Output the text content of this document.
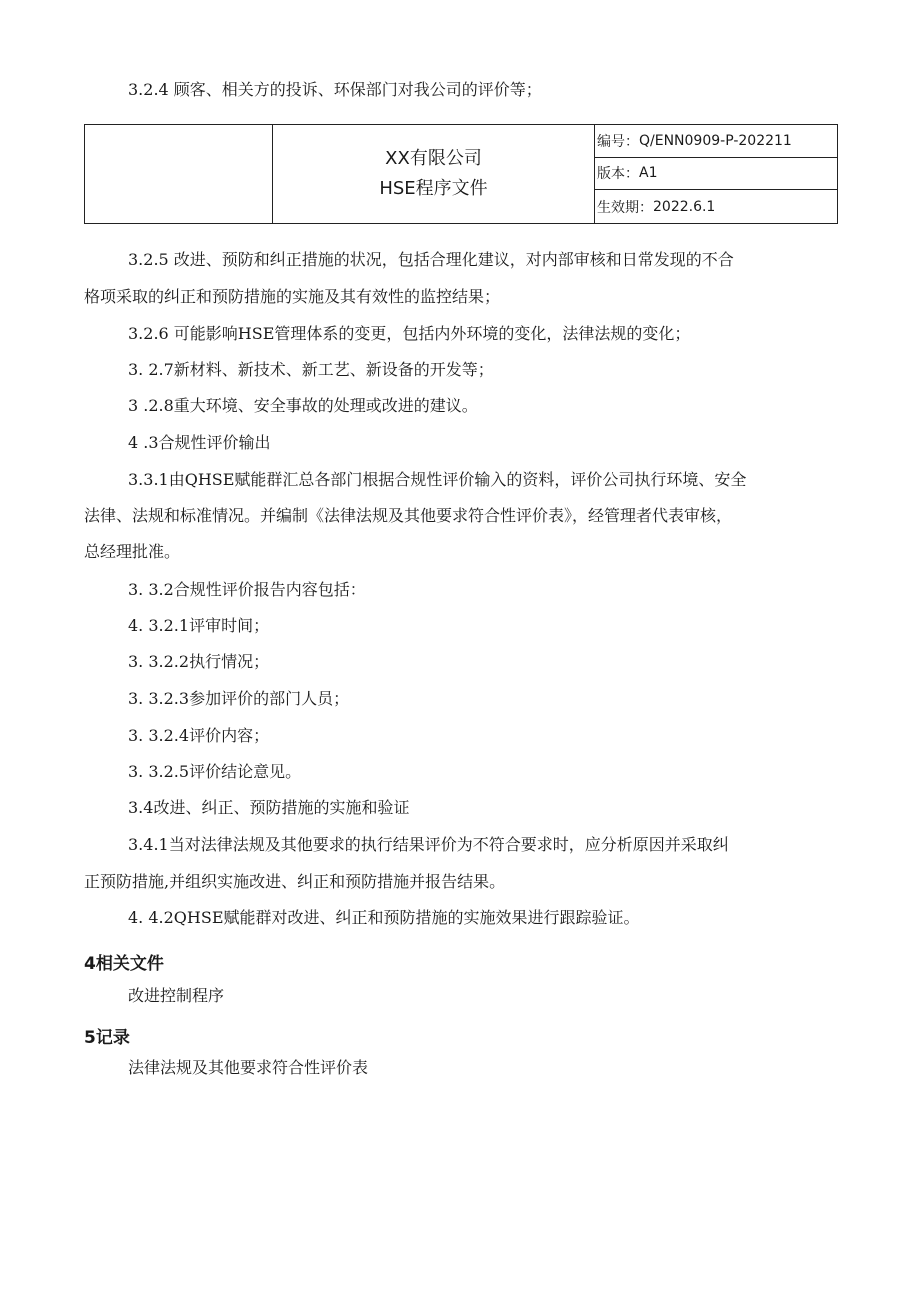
3.2.4 顾客、相关方的投诉、环保部门对我公司的评价等；
XX有限公司
HSE程序文件
编号： Q/ENN0909-P-202211
版本： A1
生效期： 2022.6.1
3.2.5 改进、预防和纠正措施的状况，包括合理化建议，对内部审核和日常发现的不合
格项采取的纠正和预防措施的实施及其有效性的监控结果；
3.2.6 可能影响HSE管理体系的变更，包括内外环境的变化，法律法规的变化；
3. 2.7新材料、新技术、新工艺、新设备的开发等；
3 .2.8重大环境、安全事故的处理或改进的建议。
4 .3合规性评价输出
3.3.1由QHSE赋能群汇总各部门根据合规性评价输入的资料，评价公司执行环境、安全
法律、法规和标准情况。并编制《法律法规及其他要求符合性评价表》，经管理者代表审核，
总经理批准。
3. 3.2合规性评价报告内容包括：
4. 3.2.1评审时间；
3. 3.2.2执行情况；
3. 3.2.3参加评价的部门人员；
3. 3.2.4评价内容；
3. 3.2.5评价结论意见。
3.4改进、纠正、预防措施的实施和验证
3.4.1当对法律法规及其他要求的执行结果评价为不符合要求时，应分析原因并采取纠
正预防措施,并组织实施改进、纠正和预防措施并报告结果。
4. 4.2QHSE赋能群对改进、纠正和预防措施的实施效果进行跟踪验证。
4相关文件
改进控制程序
5记录
法律法规及其他要求符合性评价表
